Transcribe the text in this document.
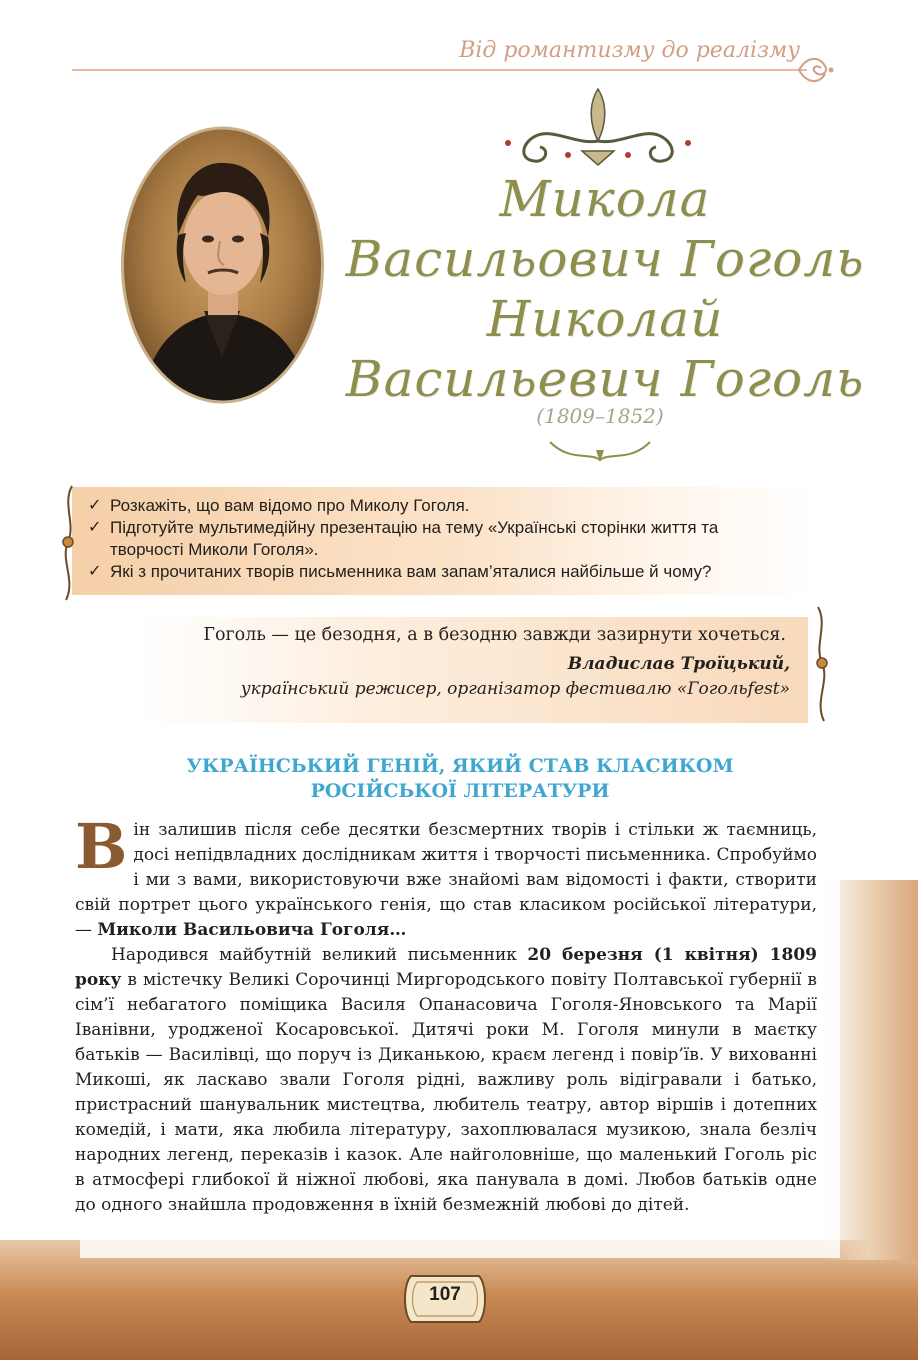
Від романтизму до реалізму
Микола
Васильович Гоголь
Николай
Васильевич Гоголь
(1809–1852)
✓ Розкажіть, що вам відомо про Миколу Гоголя.
✓ Підготуйте мультимедійну презентацію на тему «Українські сторінки життя та
творчості Миколи Гоголя».
✓ Які з прочитаних творів письменника вам запам’яталися найбільше й чому?
Гоголь — це безодня, а в безодню завжди зазирнути хочеться.
Владислав Троїцький,
український режисер, організатор фестивалю «Гогольfest»
УКРАЇНСЬКИЙ ГЕНІЙ, ЯКИЙ СТАВ КЛАСИКОМ
РОСІЙСЬКОЇ ЛІТЕРАТУРИ

Він залишив після себе десятки безсмертних творів і стільки ж таємниць, досі непідвладних дослідникам життя і творчості письменника. Спробуймо і ми з вами, використовуючи вже знайомі вам відомості і факти, створити свій портрет цього українського генія, що став класиком російської літератури, — Миколи Васильовича Гоголя…

Народився майбутній великий письменник 20 березня (1 квітня) 1809 року в містечку Великі Сорочинці Миргородського повіту Полтавської губернії в сім’ї небагатого поміщика Василя Опанасовича Гоголя-Яновського та Марії Іванівни, уродженої Косаровської. Дитячі роки М. Гоголя минули в маєтку батьків — Василівці, що поруч із Диканькою, краєм легенд і повір’їв. У вихованні Микоші, як ласкаво звали Гоголя рідні, важливу роль відігравали і батько, пристрасний шанувальник мистецтва, любитель театру, автор віршів і дотепних комедій, і мати, яка любила літературу, захоплювалася музикою, знала безліч народних легенд, переказів і казок. Але найголовніше, що маленький Гоголь ріс в атмосфері глибокої й ніжної любові, яка панувала в домі. Любов батьків одне до одного знайшла продовження в їхній безмежній любові до дітей.

107
